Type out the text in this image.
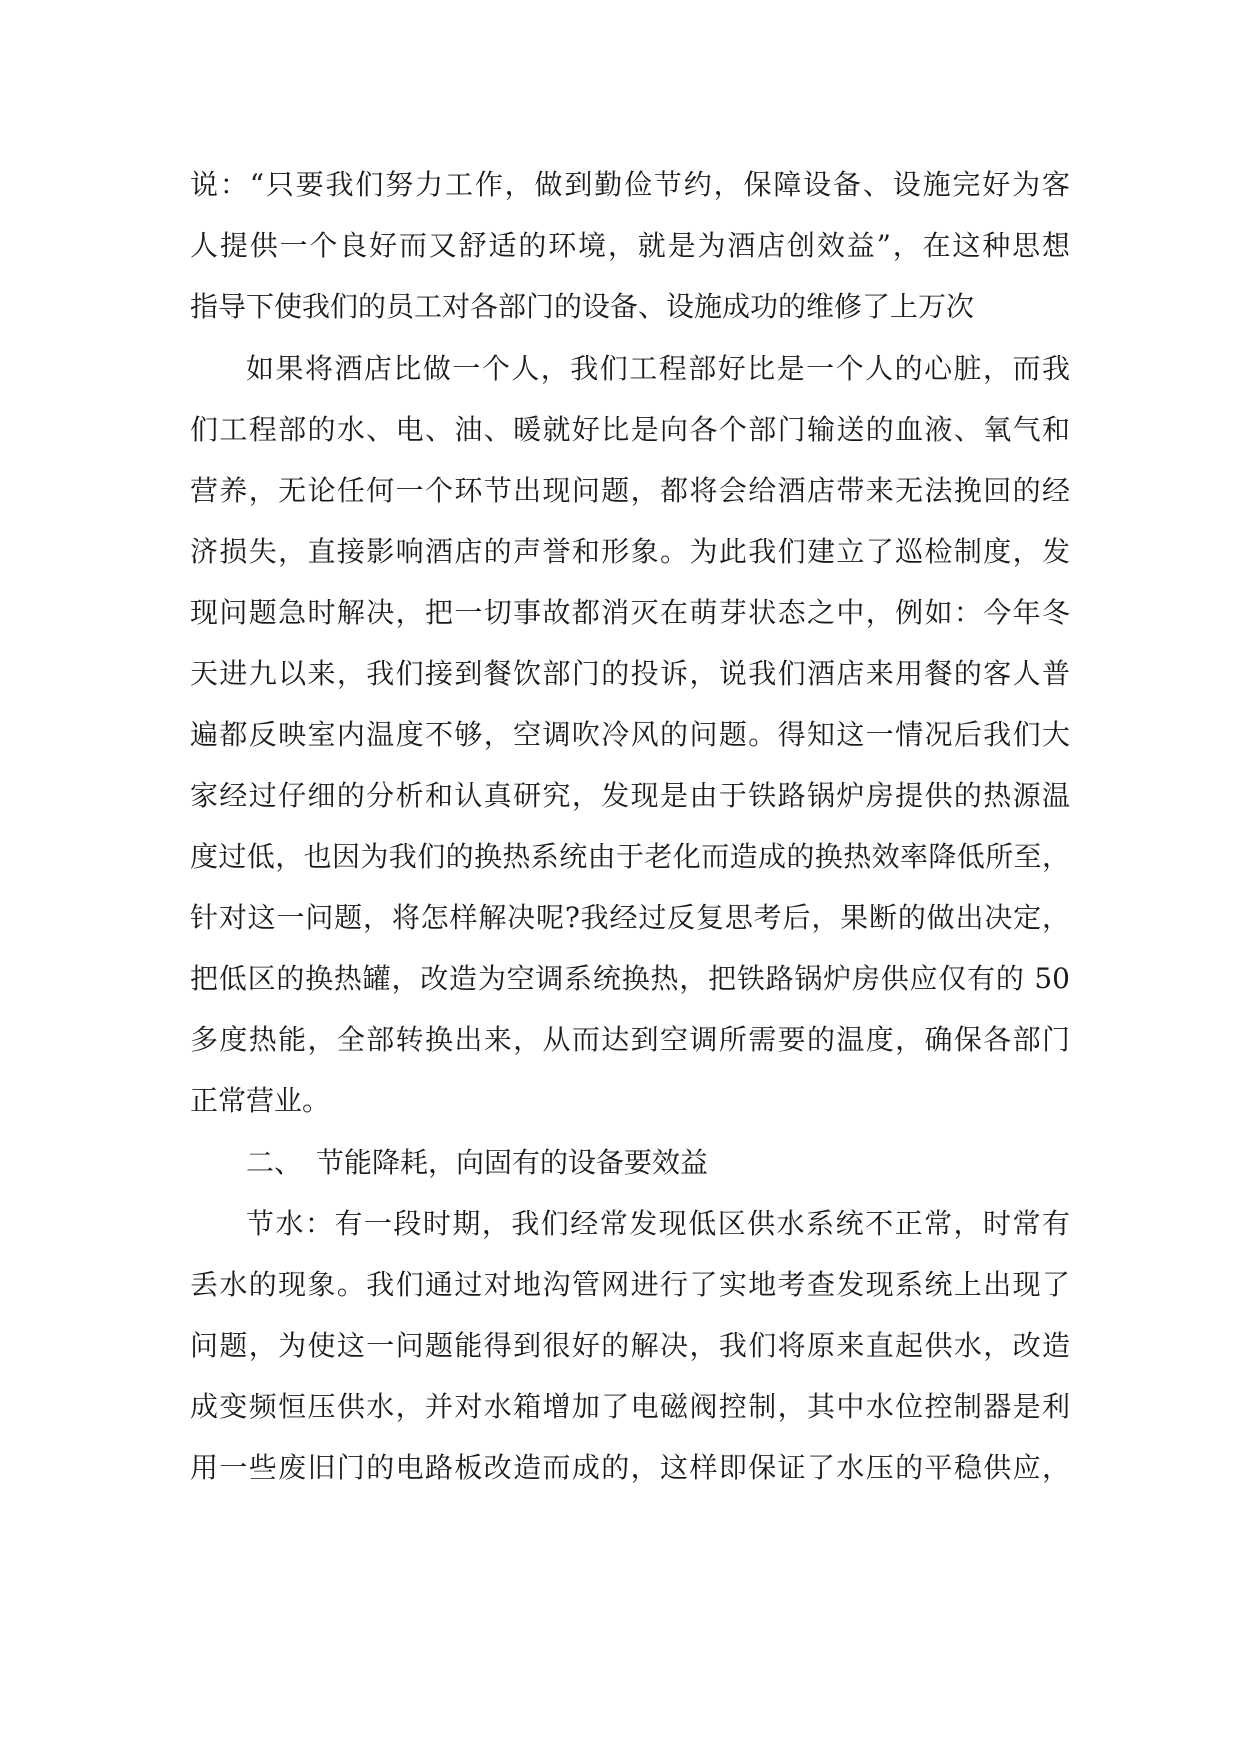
说：“只要我们努力工作，做到勤俭节约，保障设备、设施完好为客
人提供一个良好而又舒适的环境，就是为酒店创效益”，在这种思想
指导下使我们的员工对各部门的设备、设施成功的维修了上万次
如果将酒店比做一个人，我们工程部好比是一个人的心脏，而我
们工程部的水、电、油、暖就好比是向各个部门输送的血液、氧气和
营养，无论任何一个环节出现问题，都将会给酒店带来无法挽回的经
济损失，直接影响酒店的声誉和形象。为此我们建立了巡检制度，发
现问题急时解决，把一切事故都消灭在萌芽状态之中，例如：今年冬
天进九以来，我们接到餐饮部门的投诉，说我们酒店来用餐的客人普
遍都反映室内温度不够，空调吹冷风的问题。得知这一情况后我们大
家经过仔细的分析和认真研究，发现是由于铁路锅炉房提供的热源温
度过低，也因为我们的换热系统由于老化而造成的换热效率降低所至，
针对这一问题，将怎样解决呢?我经过反复思考后，果断的做出决定，
把低区的换热罐，改造为空调系统换热，把铁路锅炉房供应仅有的 50
多度热能，全部转换出来，从而达到空调所需要的温度，确保各部门
正常营业。
二、　节能降耗，向固有的设备要效益
节水：有一段时期，我们经常发现低区供水系统不正常，时常有
丢水的现象。我们通过对地沟管网进行了实地考查发现系统上出现了
问题，为使这一问题能得到很好的解决，我们将原来直起供水，改造
成变频恒压供水，并对水箱增加了电磁阀控制，其中水位控制器是利
用一些废旧门的电路板改造而成的，这样即保证了水压的平稳供应，
